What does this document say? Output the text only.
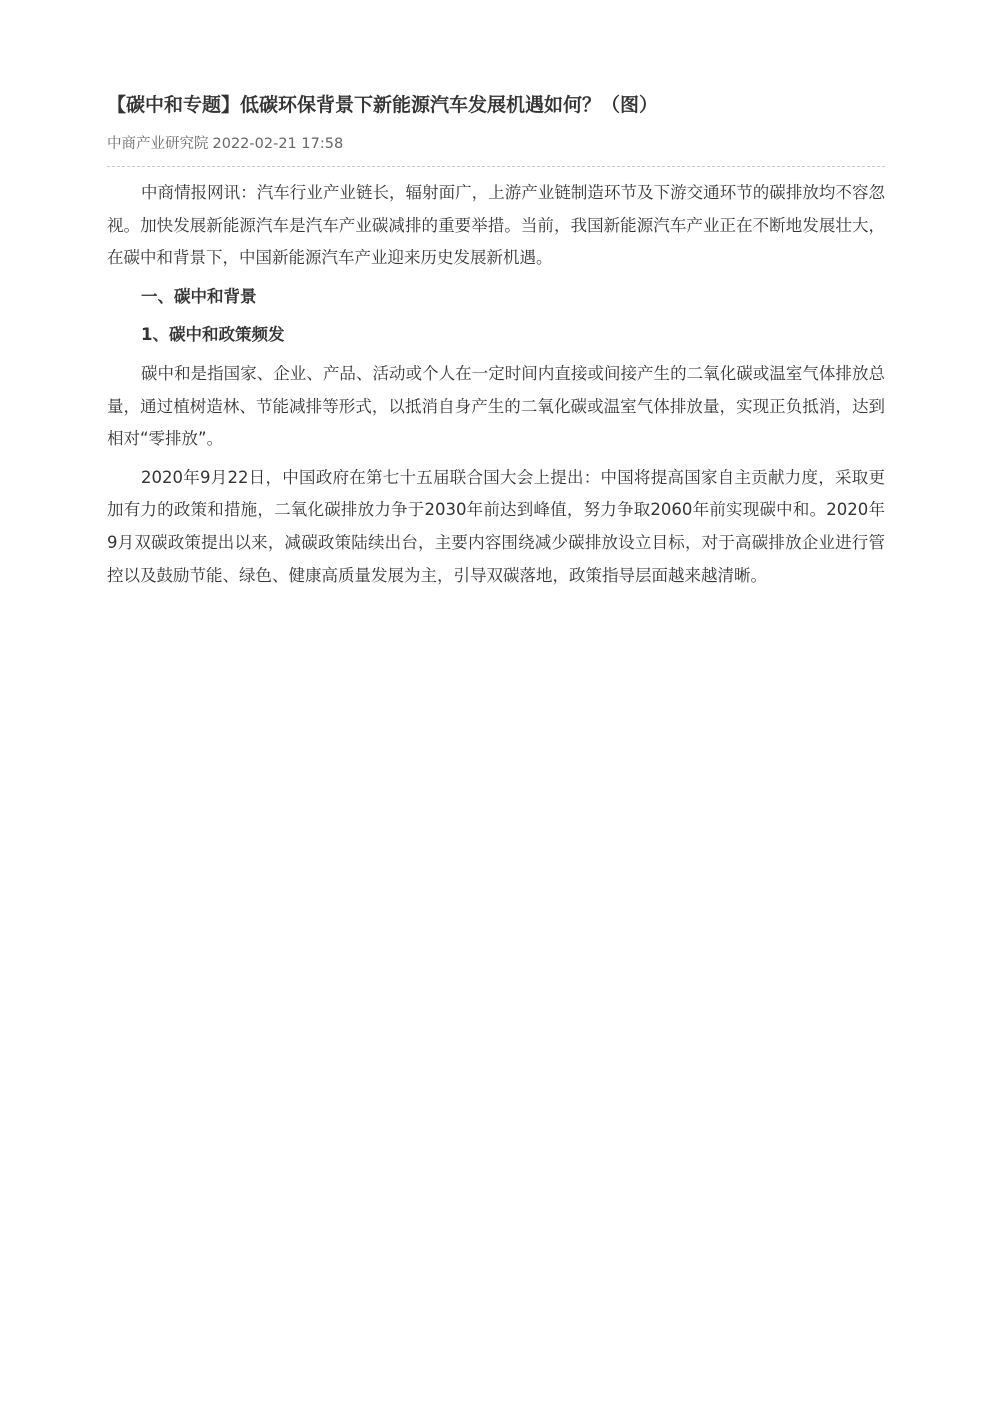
【碳中和专题】低碳环保背景下新能源汽车发展机遇如何？（图）
中商产业研究院 2022-02-21 17:58

中商情报网讯：汽车行业产业链长，辐射面广，上游产业链制造环节及下游交通环节的碳排放均不容忽视。加快发展新能源汽车是汽车产业碳减排的重要举措。当前，我国新能源汽车产业正在不断地发展壮大，在碳中和背景下，中国新能源汽车产业迎来历史发展新机遇。

一、碳中和背景

1、碳中和政策频发

碳中和是指国家、企业、产品、活动或个人在一定时间内直接或间接产生的二氧化碳或温室气体排放总量，通过植树造林、节能减排等形式，以抵消自身产生的二氧化碳或温室气体排放量，实现正负抵消，达到相对“零排放”。

2020年9月22日，中国政府在第七十五届联合国大会上提出：中国将提高国家自主贡献力度，采取更加有力的政策和措施，二氧化碳排放力争于2030年前达到峰值，努力争取2060年前实现碳中和。2020年9月双碳政策提出以来，减碳政策陆续出台，主要内容围绕减少碳排放设立目标，对于高碳排放企业进行管控以及鼓励节能、绿色、健康高质量发展为主，引导双碳落地，政策指导层面越来越清晰。
